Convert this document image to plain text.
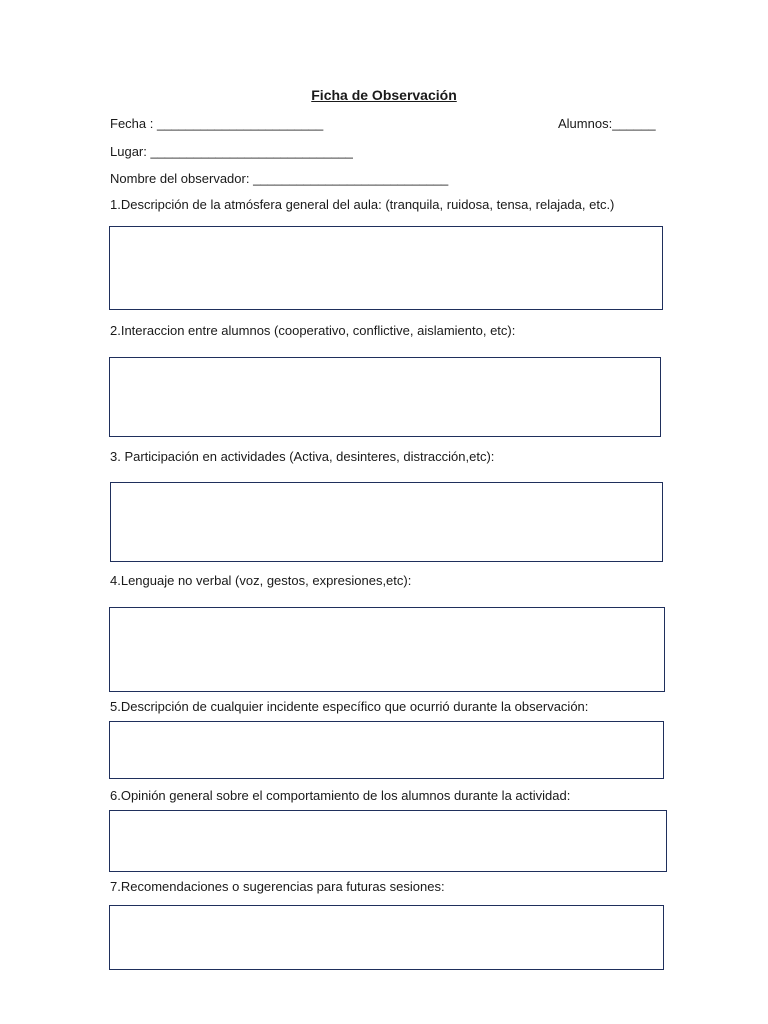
Ficha de Observación
Fecha : _______________________	Alumnos:______
Lugar: ____________________________
Nombre del observador: ___________________________
1.Descripción de la atmósfera general del aula: (tranquila, ruidosa, tensa, relajada, etc.)
2.Interaccion entre alumnos (cooperativo, conflictive, aislamiento, etc):
3. Participación en actividades (Activa, desinteres, distracción,etc):
4.Lenguaje no verbal (voz, gestos, expresiones,etc):
5.Descripción de cualquier incidente específico que ocurrió durante la observación:
6.Opinión general sobre el comportamiento de los alumnos durante la actividad:
7.Recomendaciones o sugerencias para futuras sesiones:
